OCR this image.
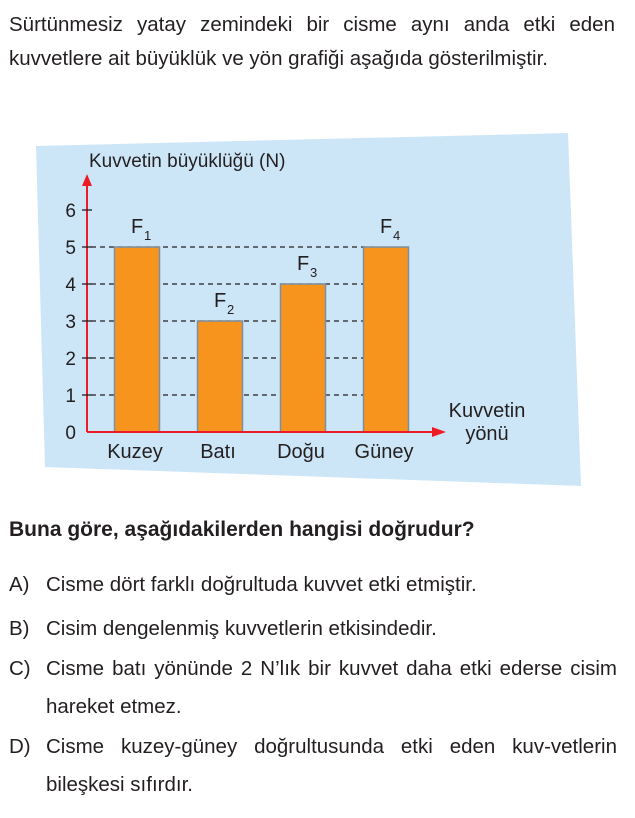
Sürtünmesiz yatay zemindeki bir cisme aynı anda etki eden kuvvetlere ait büyüklük ve yön grafiği aşağıda gösterilmiştir.
0
1
2
3
4
5
6
Kuvvetin büyüklüğü (N)
Kuzey Batı Doğu Güney
F 1
F 2
F 3
F 4
Kuvvetin
yönü
Buna göre, aşağıdakilerden hangisi doğrudur?
A) Cisme dört farklı doğrultuda kuvvet etki etmiştir.
B) Cisim dengelenmiş kuvvetlerin etkisindedir.
C) Cisme batı yönünde 2 N’lık bir kuvvet daha etki ederse cisim hareket etmez.
D) Cisme kuzey-güney doğrultusunda etki eden kuv-vetlerin bileşkesi sıfırdır.
